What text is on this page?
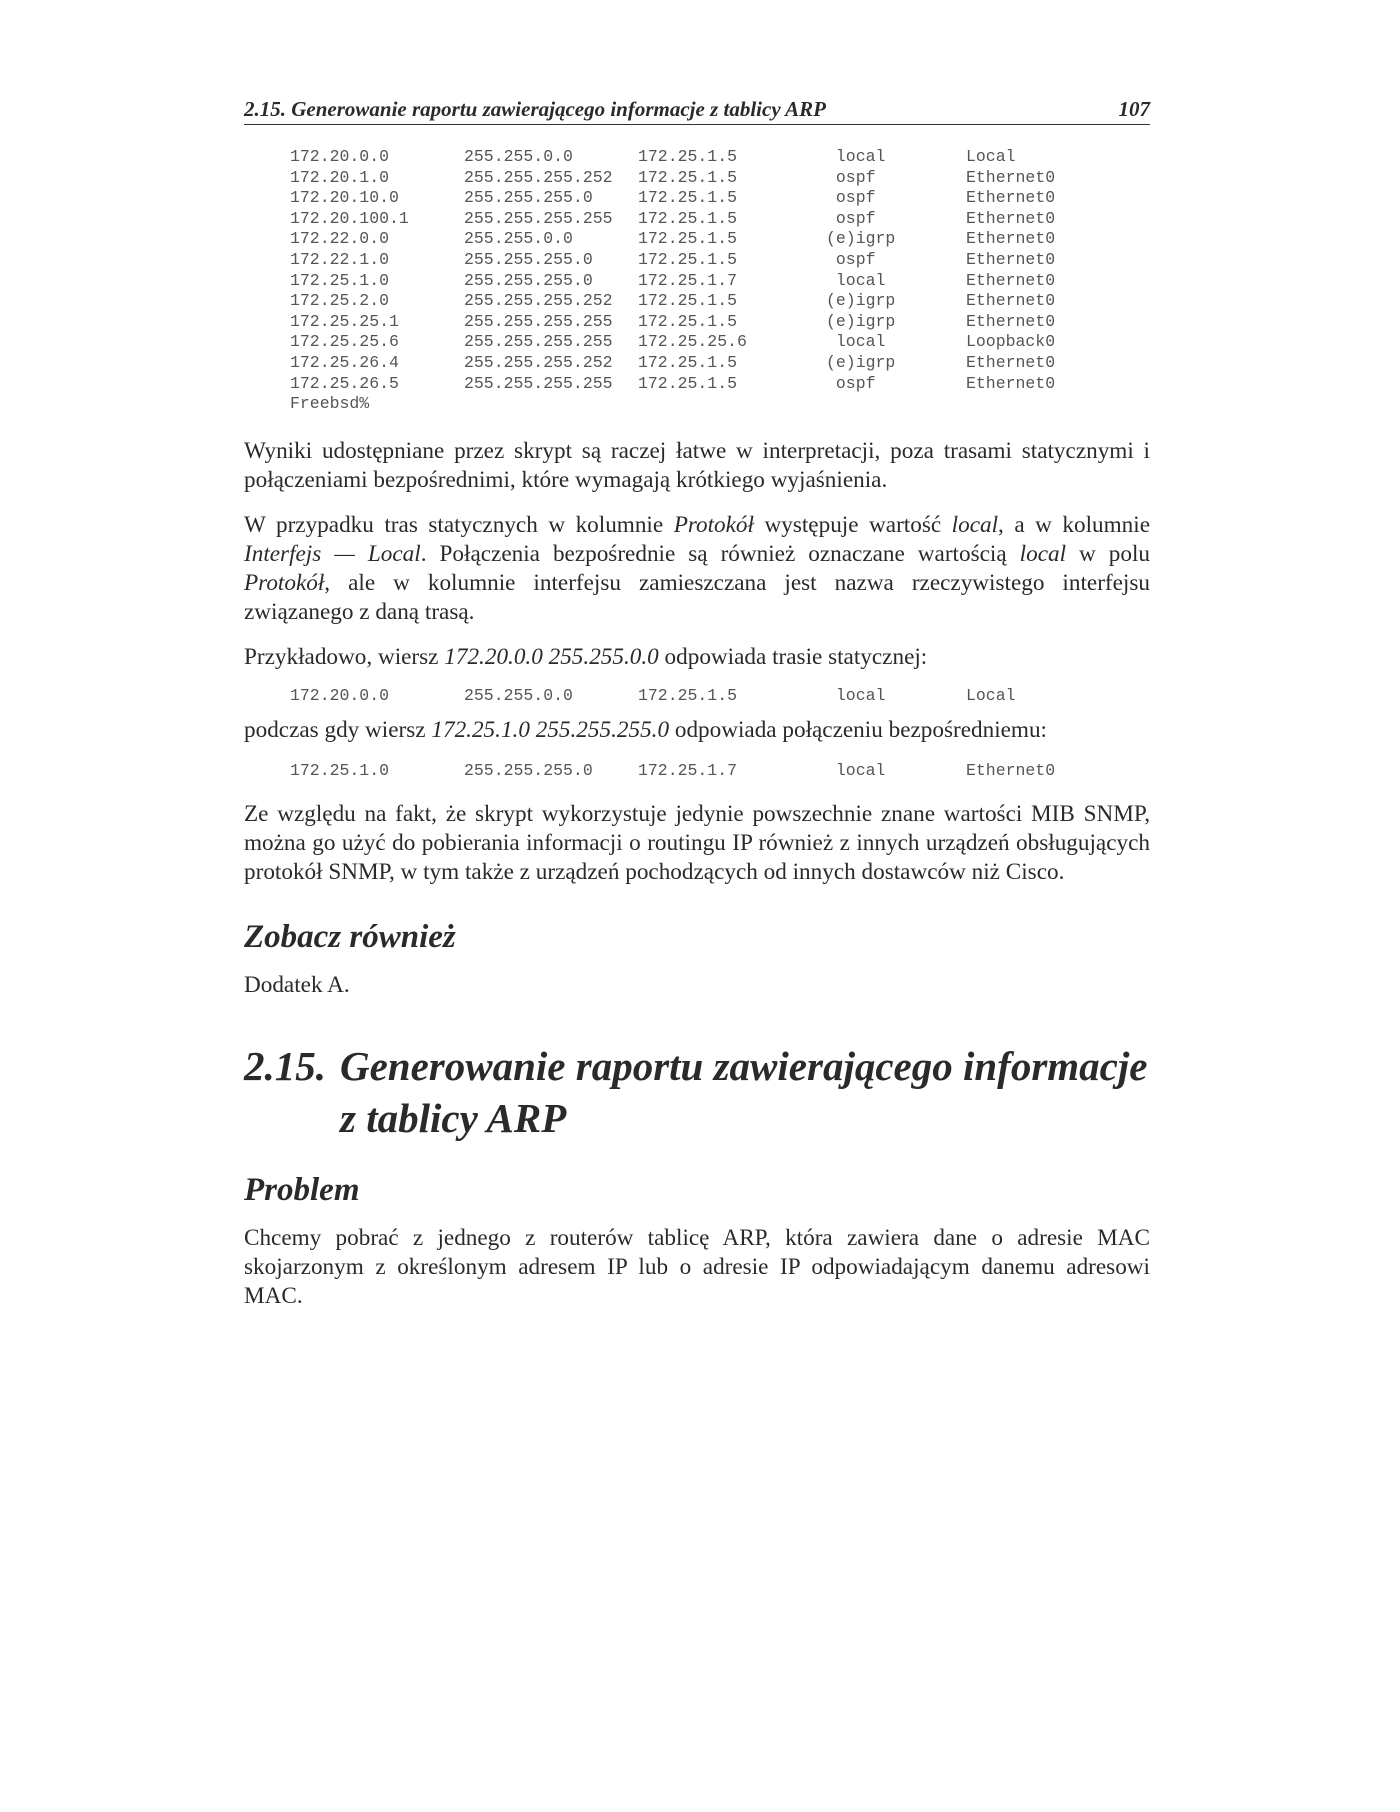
2.15. Generowanie raportu zawierającego informacje z tablicy ARP	107
172.20.0.0	255.255.0.0	172.25.1.5	local	Local
172.20.1.0	255.255.255.252	172.25.1.5	ospf	Ethernet0
172.20.10.0	255.255.255.0	172.25.1.5	ospf	Ethernet0
172.20.100.1	255.255.255.255	172.25.1.5	ospf	Ethernet0
172.22.0.0	255.255.0.0	172.25.1.5	(e)igrp	Ethernet0
172.22.1.0	255.255.255.0	172.25.1.5	ospf	Ethernet0
172.25.1.0	255.255.255.0	172.25.1.7	local	Ethernet0
172.25.2.0	255.255.255.252	172.25.1.5	(e)igrp	Ethernet0
172.25.25.1	255.255.255.255	172.25.1.5	(e)igrp	Ethernet0
172.25.25.6	255.255.255.255	172.25.25.6	local	Loopback0
172.25.26.4	255.255.255.252	172.25.1.5	(e)igrp	Ethernet0
172.25.26.5	255.255.255.255	172.25.1.5	ospf	Ethernet0
Freebsd%

Wyniki udostępniane przez skrypt są raczej łatwe w interpretacji, poza trasami statycznymi i połączeniami bezpośrednimi, które wymagają krótkiego wyjaśnienia.

W przypadku tras statycznych w kolumnie Protokół występuje wartość local, a w kolumnie Interfejs — Local. Połączenia bezpośrednie są również oznaczane wartością local w polu Protokół, ale w kolumnie interfejsu zamieszczana jest nazwa rzeczywistego interfejsu związanego z daną trasą.

Przykładowo, wiersz 172.20.0.0 255.255.0.0 odpowiada trasie statycznej:

172.20.0.0	255.255.0.0	172.25.1.5	local	Local

podczas gdy wiersz 172.25.1.0 255.255.255.0 odpowiada połączeniu bezpośredniemu:

172.25.1.0	255.255.255.0	172.25.1.7	local	Ethernet0

Ze względu na fakt, że skrypt wykorzystuje jedynie powszechnie znane wartości MIB SNMP, można go użyć do pobierania informacji o routingu IP również z innych urządzeń obsługujących protokół SNMP, w tym także z urządzeń pochodzących od innych dostawców niż Cisco.

Zobacz również

Dodatek A.

2.15. Generowanie raportu zawierającego informacje z tablicy ARP
Problem

Chcemy pobrać z jednego z routerów tablicę ARP, która zawiera dane o adresie MAC skojarzonym z określonym adresem IP lub o adresie IP odpowiadającym danemu adresowi MAC.
